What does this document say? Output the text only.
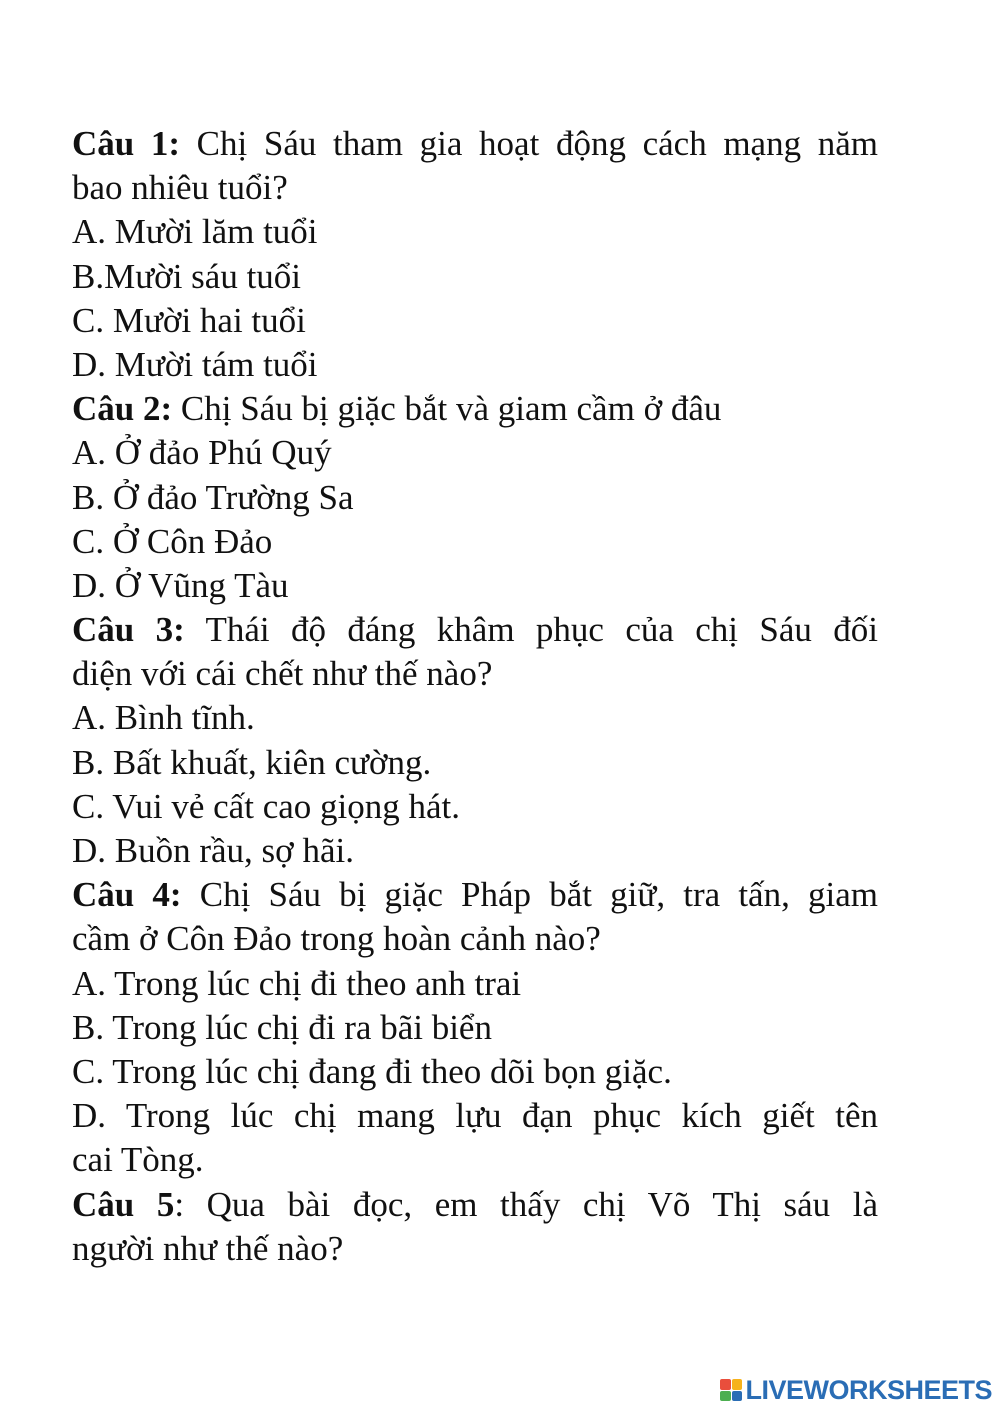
Câu 1: Chị Sáu tham gia hoạt động cách mạng năm
bao nhiêu tuổi?
A. Mười lăm tuổi
B.Mười sáu tuổi
C. Mười hai tuổi
D. Mười tám tuổi
Câu 2: Chị Sáu bị giặc bắt và giam cầm ở đâu
A. Ở đảo Phú Quý
B. Ở đảo Trường Sa
C. Ở Côn Đảo
D. Ở Vũng Tàu
Câu 3: Thái độ đáng khâm phục của chị Sáu đối
diện với cái chết như thế nào?
A. Bình tĩnh.
B. Bất khuất, kiên cường.
C. Vui vẻ cất cao giọng hát.
D. Buồn rầu, sợ hãi.
Câu 4: Chị Sáu bị giặc Pháp bắt giữ, tra tấn, giam
cầm ở Côn Đảo trong hoàn cảnh nào?
A. Trong lúc chị đi theo anh trai
B. Trong lúc chị đi ra bãi biển
C. Trong lúc chị đang đi theo dõi bọn giặc.
D. Trong lúc chị mang lựu đạn phục kích giết tên
cai Tòng.
Câu 5: Qua bài đọc, em thấy chị Võ Thị sáu là
người như thế nào?
LIVEWORKSHEETS
